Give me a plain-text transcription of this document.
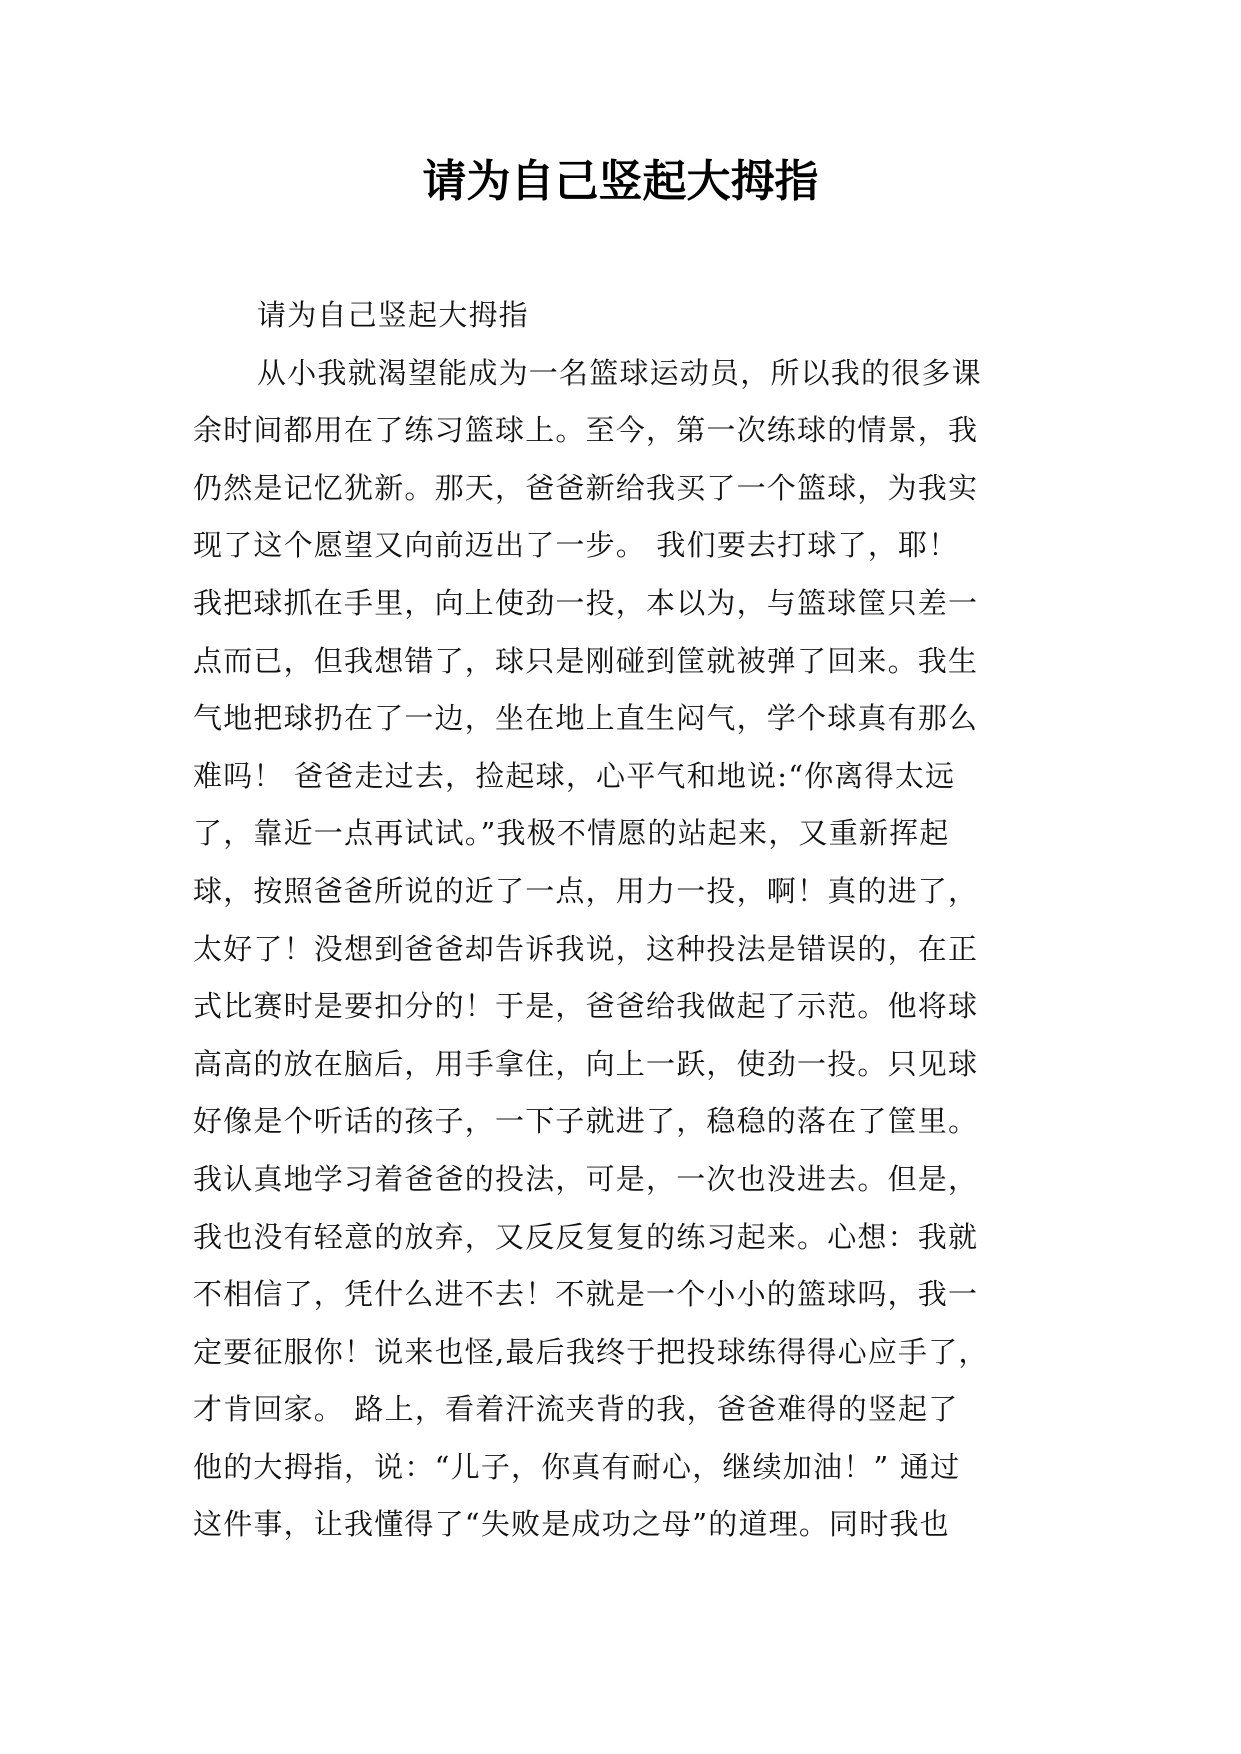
请为自己竖起大拇指
请为自己竖起大拇指
从小我就渴望能成为一名篮球运动员，所以我的很多课
余时间都用在了练习篮球上。至今，第一次练球的情景，我
仍然是记忆犹新。那天，爸爸新给我买了一个篮球，为我实
现了这个愿望又向前迈出了一步。 我们要去打球了，耶！
我把球抓在手里，向上使劲一投，本以为，与篮球筐只差一
点而已，但我想错了，球只是刚碰到筐就被弹了回来。我生
气地把球扔在了一边，坐在地上直生闷气，学个球真有那么
难吗！ 爸爸走过去，捡起球，心平气和地说:“你离得太远
了，靠近一点再试试。”我极不情愿的站起来，又重新挥起
球，按照爸爸所说的近了一点，用力一投，啊！真的进了，
太好了！没想到爸爸却告诉我说，这种投法是错误的，在正
式比赛时是要扣分的！于是，爸爸给我做起了示范。他将球
高高的放在脑后，用手拿住，向上一跃，使劲一投。只见球
好像是个听话的孩子，一下子就进了，稳稳的落在了筐里。
我认真地学习着爸爸的投法，可是，一次也没进去。但是，
我也没有轻意的放弃，又反反复复的练习起来。心想：我就
不相信了，凭什么进不去！不就是一个小小的篮球吗，我一
定要征服你！说来也怪,最后我终于把投球练得得心应手了，
才肯回家。 路上，看着汗流夹背的我，爸爸难得的竖起了
他的大拇指，说：“儿子，你真有耐心，继续加油！” 通过
这件事，让我懂得了“失败是成功之母”的道理。同时我也
